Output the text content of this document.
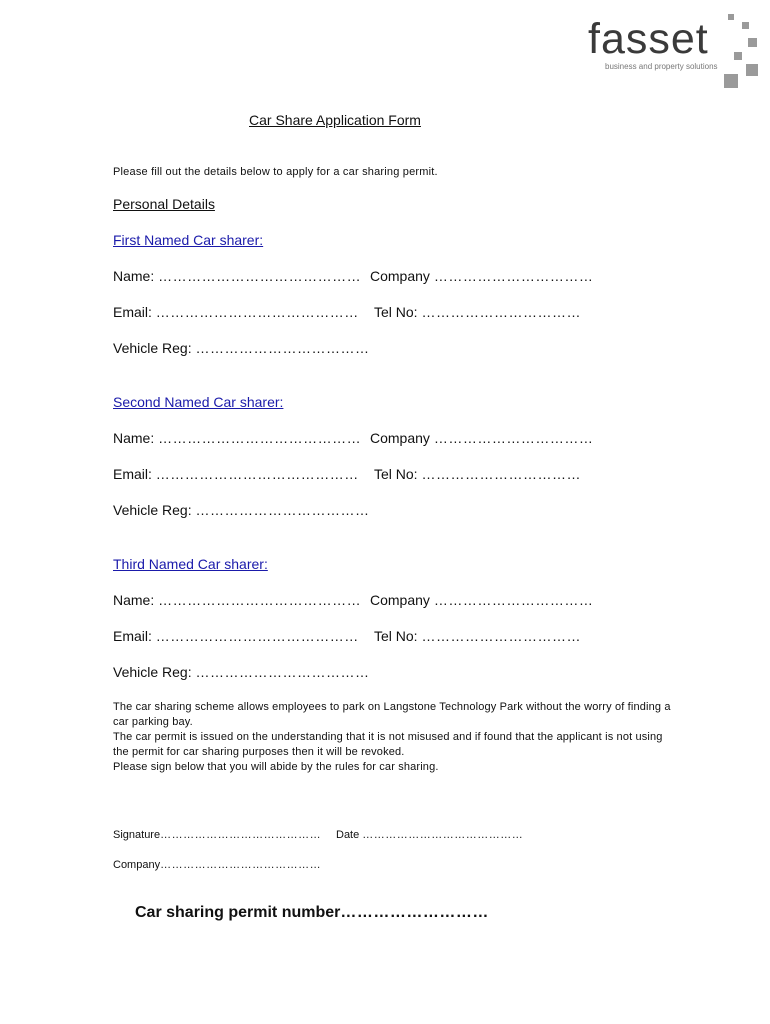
fasset
business and property solutions
Car Share Application Form
Please fill out the details below to apply for a car sharing permit.
Personal Details
First Named Car sharer:
Name: …………………………………… Company ……………………………
Email: …………………………………… Tel No: ……………………………
Vehicle Reg: ………………………………
Second Named Car sharer:
Name: …………………………………… Company ……………………………
Email: …………………………………… Tel No: ……………………………
Vehicle Reg: ………………………………
Third Named Car sharer:
Name: …………………………………… Company ……………………………
Email: …………………………………… Tel No: ……………………………
Vehicle Reg: ………………………………

The car sharing scheme allows employees to park on Langstone Technology Park without the worry of finding a car parking bay.

The car permit is issued on the understanding that it is not misused and if found that the applicant is not using the permit for car sharing purposes then it will be revoked.

Please sign below that you will abide by the rules for car sharing.

Signature…………………………………… Date ……………………………………
Company……………………………………
Car sharing permit number………………………
